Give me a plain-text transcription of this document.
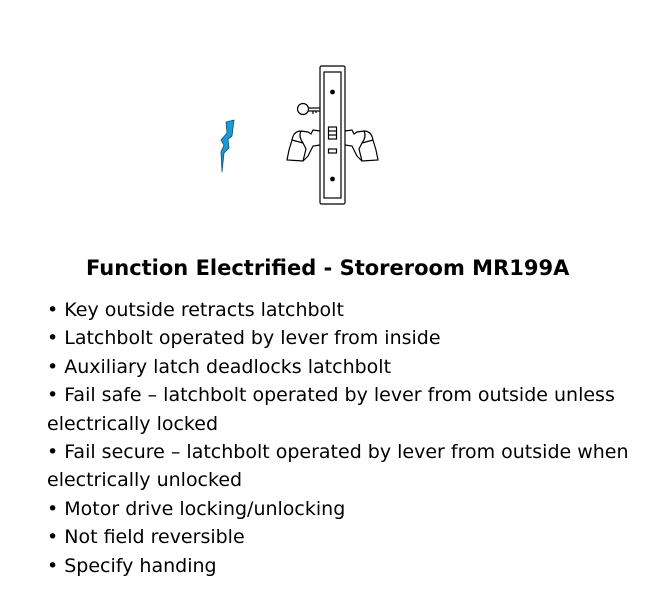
Function Electrified - Storeroom MR199A
• Key outside retracts latchbolt
• Latchbolt operated by lever from inside
• Auxiliary latch deadlocks latchbolt
• Fail safe – latchbolt operated by lever from outside unless electrically locked
• Fail secure – latchbolt operated by lever from outside when electrically unlocked
• Motor drive locking/unlocking
• Not field reversible
• Specify handing
